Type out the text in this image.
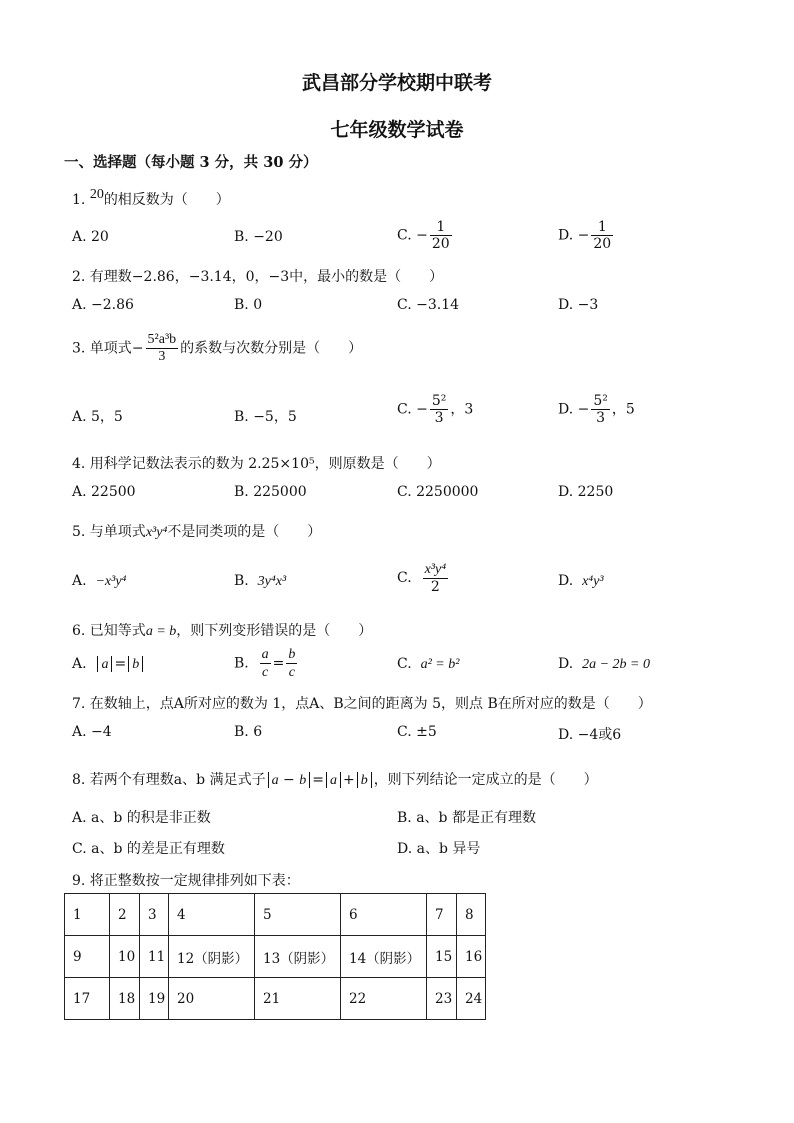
武昌部分学校期中联考
七年级数学试卷
一、选择题（每小题 3 分，共 30 分）
1. 20的相反数为（　　）
A. 20	B. −20	C. − $\frac{1}{20}$	D. − $\frac{1}{20}$
2. 有理数−2.86，−3.14，0，−3中，最小的数是（　　）
A. −2.86	B. 0	C. −3.14	D. −3
3. 单项式− $\frac{\text{5²a³b}}{3}$ 的系数与次数分别是（　　）
A. 5，5	B. −5，5	C. − $\frac{\text{5²}}{3}$ ，3	D. − $\frac{\text{5²}}{3}$ ，5
4. 用科学记数法表示的数为 2.25×10⁵，则原数是（　　）
A. 22500	B. 225000	C. 2250000	D. 2250
5. 与单项式x³y⁴不是同类项的是（　　）
A. −x³y⁴	B. 3y⁴x³	C. $\frac{\text{x³y⁴}}{2}$	D. x⁴y³
6. 已知等式a = b，则下列变形错误的是（　　）
A. a = b	B. $\frac{a}{c} = \frac{b}{c}$	C. a² = b²	D. 2a − 2b = 0
7. 在数轴上，点A所对应的数为 1，点A、B之间的距离为 5，则点 B在所对应的数是（　　）
A. −4	B. 6	C. ±5	D. −4或6
8. 若两个有理数a、b 满足式子 a − b = a + b ，则下列结论一定成立的是（　　）
A. a、b 的积是非正数	B. a、b 都是正有理数
C. a、b 的差是正有理数	D. a、b 异号
9. 将正整数按一定规律排列如下表：
1	2	3	4	5	6	7	8
9	10	11	12（阴影）	13（阴影）	14（阴影）	15	16
17	18	19	20	21	22	23	24
